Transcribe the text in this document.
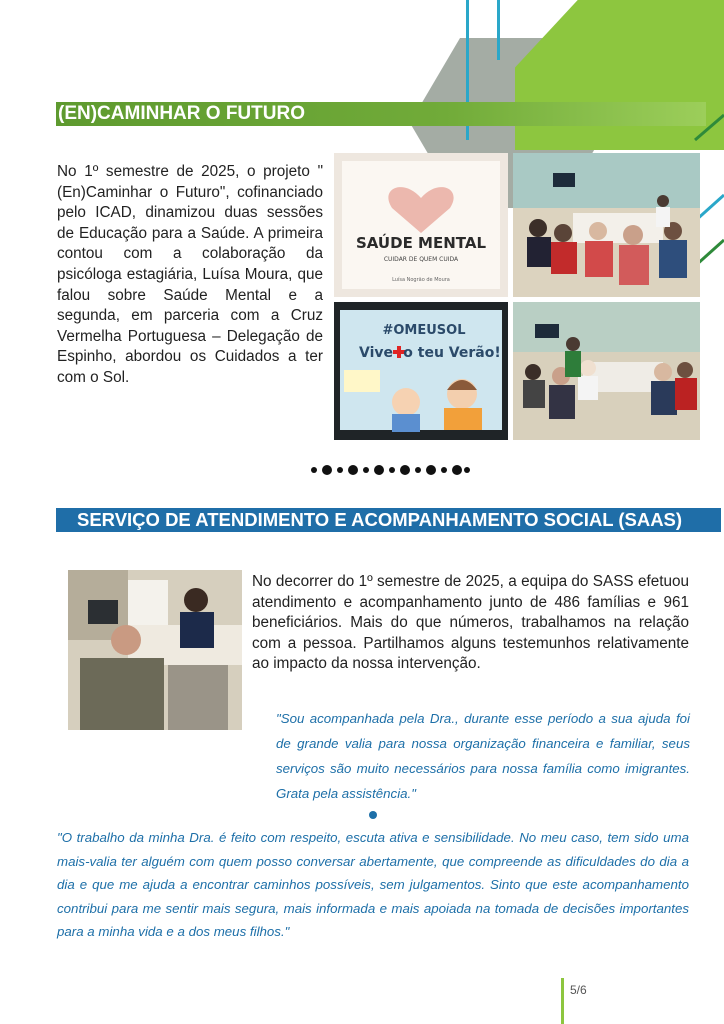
(EN)CAMINHAR O FUTURO

No 1º semestre de 2025, o projeto "(En)Caminhar o Futuro", cofinanciado pelo ICAD, dinamizou duas sessões de Educação para a Saúde. A primeira contou com a colaboração da psicóloga estagiária, Luísa Moura, que falou sobre Saúde Mental e a segunda, em parceria com a Cruz Vermelha Portuguesa – Delegação de Espinho, abordou os Cuidados a ter com o Sol.

SAÚDE MENTAL
CUIDAR DE QUEM CUIDA
Luísa Nogrão de Moura
#OMEUSOL
Vive o teu Verão!
SERVIÇO DE ATENDIMENTO E ACOMPANHAMENTO SOCIAL (SAAS)

No decorrer do 1º semestre de 2025, a equipa do SASS efetuou atendimento e acompanhamento junto de 486 famílias e 961 beneficiários. Mais do que números, trabalhamos na relação com a pessoa. Partilhamos alguns testemunhos relativamente ao impacto da nossa intervenção.

"Sou acompanhada pela Dra., durante esse período a sua ajuda foi de grande valia para nossa organização financeira e familiar, seus serviços são muito necessários para nossa família como imigrantes. Grata pela assistência."

"O trabalho da minha Dra. é feito com respeito, escuta ativa e sensibilidade. No meu caso, tem sido uma mais-valia ter alguém com quem posso conversar abertamente, que compreende as dificuldades do dia a dia e que me ajuda a encontrar caminhos possíveis, sem julgamentos. Sinto que este acompanhamento contribui para me sentir mais segura, mais informada e mais apoiada na tomada de decisões importantes para a minha vida e a dos meus filhos."

5/6
